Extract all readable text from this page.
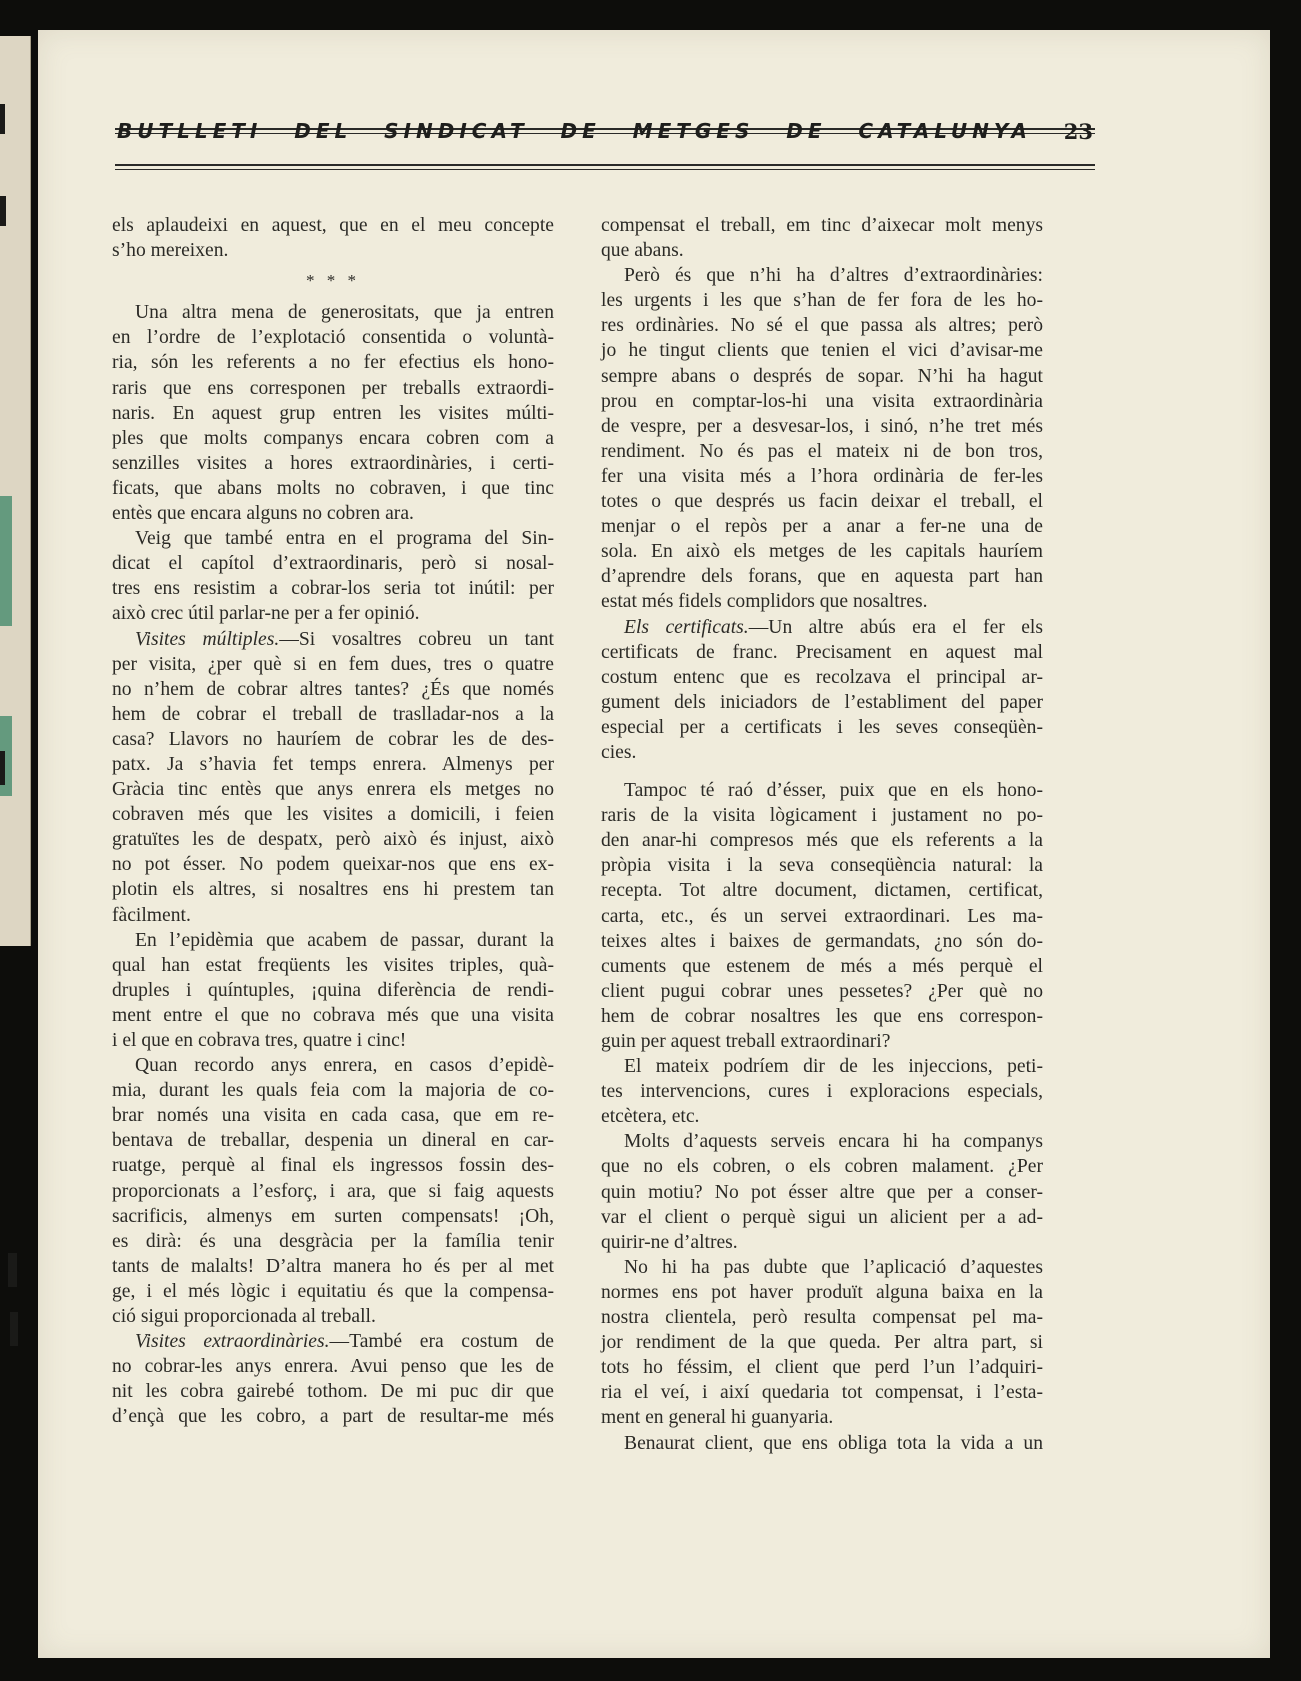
BUTLLETI DEL SINDICAT DE METGES DE CATALUNYA 23

els aplaudeixi en aquest, que en el meu concepte
s’ho mereixen.

* * *

Una altra mena de generositats, que ja entren
en l’ordre de l’explotació consentida o voluntà-
ria, són les referents a no fer efectius els hono-
raris que ens corresponen per treballs extraordi-
naris. En aquest grup entren les visites múlti-
ples que molts companys encara cobren com a
senzilles visites a hores extraordinàries, i certi-
ficats, que abans molts no cobraven, i que tinc
entès que encara alguns no cobren ara.

Veig que també entra en el programa del Sin-
dicat el capítol d’extraordinaris, però si nosal-
tres ens resistim a cobrar-los seria tot inútil: per
això crec útil parlar-ne per a fer opinió.

Visites múltiples.—Si vosaltres cobreu un tant
per visita, ¿per què si en fem dues, tres o quatre
no n’hem de cobrar altres tantes? ¿És que només
hem de cobrar el treball de traslladar-nos a la
casa? Llavors no hauríem de cobrar les de des-
patx. Ja s’havia fet temps enrera. Almenys per
Gràcia tinc entès que anys enrera els metges no
cobraven més que les visites a domicili, i feien
gratuïtes les de despatx, però això és injust, això
no pot ésser. No podem queixar-nos que ens ex-
plotin els altres, si nosaltres ens hi prestem tan
fàcilment.

En l’epidèmia que acabem de passar, durant la
qual han estat freqüents les visites triples, quà-
druples i quíntuples, ¡quina diferència de rendi-
ment entre el que no cobrava més que una visita
i el que en cobrava tres, quatre i cinc!

Quan recordo anys enrera, en casos d’epidè-
mia, durant les quals feia com la majoria de co-
brar només una visita en cada casa, que em re-
bentava de treballar, despenia un dineral en car-
ruatge, perquè al final els ingressos fossin des-
proporcionats a l’esforç, i ara, que si faig aquests
sacrificis, almenys em surten compensats! ¡Oh,
es dirà: és una desgràcia per la família tenir
tants de malalts! D’altra manera ho és per al met
ge, i el més lògic i equitatiu és que la compensa-
ció sigui proporcionada al treball.

Visites extraordinàries.—També era costum de
no cobrar-les anys enrera. Avui penso que les de
nit les cobra gairebé tothom. De mi puc dir que
d’ençà que les cobro, a part de resultar-me més

compensat el treball, em tinc d’aixecar molt menys
que abans.

Però és que n’hi ha d’altres d’extraordinàries:
les urgents i les que s’han de fer fora de les ho-
res ordinàries. No sé el que passa als altres; però
jo he tingut clients que tenien el vici d’avisar-me
sempre abans o després de sopar. N’hi ha hagut
prou en comptar-los-hi una visita extraordinària
de vespre, per a desvesar-los, i sinó, n’he tret més
rendiment. No és pas el mateix ni de bon tros,
fer una visita més a l’hora ordinària de fer-les
totes o que després us facin deixar el treball, el
menjar o el repòs per a anar a fer-ne una de
sola. En això els metges de les capitals hauríem
d’aprendre dels forans, que en aquesta part han
estat més fidels complidors que nosaltres.

Els certificats.—Un altre abús era el fer els
certificats de franc. Precisament en aquest mal
costum entenc que es recolzava el principal ar-
gument dels iniciadors de l’establiment del paper
especial per a certificats i les seves conseqüèn-
cies.

Tampoc té raó d’ésser, puix que en els hono-
raris de la visita lògicament i justament no po-
den anar-hi compresos més que els referents a la
pròpia visita i la seva conseqüència natural: la
recepta. Tot altre document, dictamen, certificat,
carta, etc., és un servei extraordinari. Les ma-
teixes altes i baixes de germandats, ¿no són do-
cuments que estenem de més a més perquè el
client pugui cobrar unes pessetes? ¿Per què no
hem de cobrar nosaltres les que ens correspon-
guin per aquest treball extraordinari?

El mateix podríem dir de les injeccions, peti-
tes intervencions, cures i exploracions especials,
etcètera, etc.

Molts d’aquests serveis encara hi ha companys
que no els cobren, o els cobren malament. ¿Per
quin motiu? No pot ésser altre que per a conser-
var el client o perquè sigui un alicient per a ad-
quirir-ne d’altres.

No hi ha pas dubte que l’aplicació d’aquestes
normes ens pot haver produït alguna baixa en la
nostra clientela, però resulta compensat pel ma-
jor rendiment de la que queda. Per altra part, si
tots ho féssim, el client que perd l’un l’adquiri-
ria el veí, i així quedaria tot compensat, i l’esta-
ment en general hi guanyaria.

Benaurat client, que ens obliga tota la vida a un
